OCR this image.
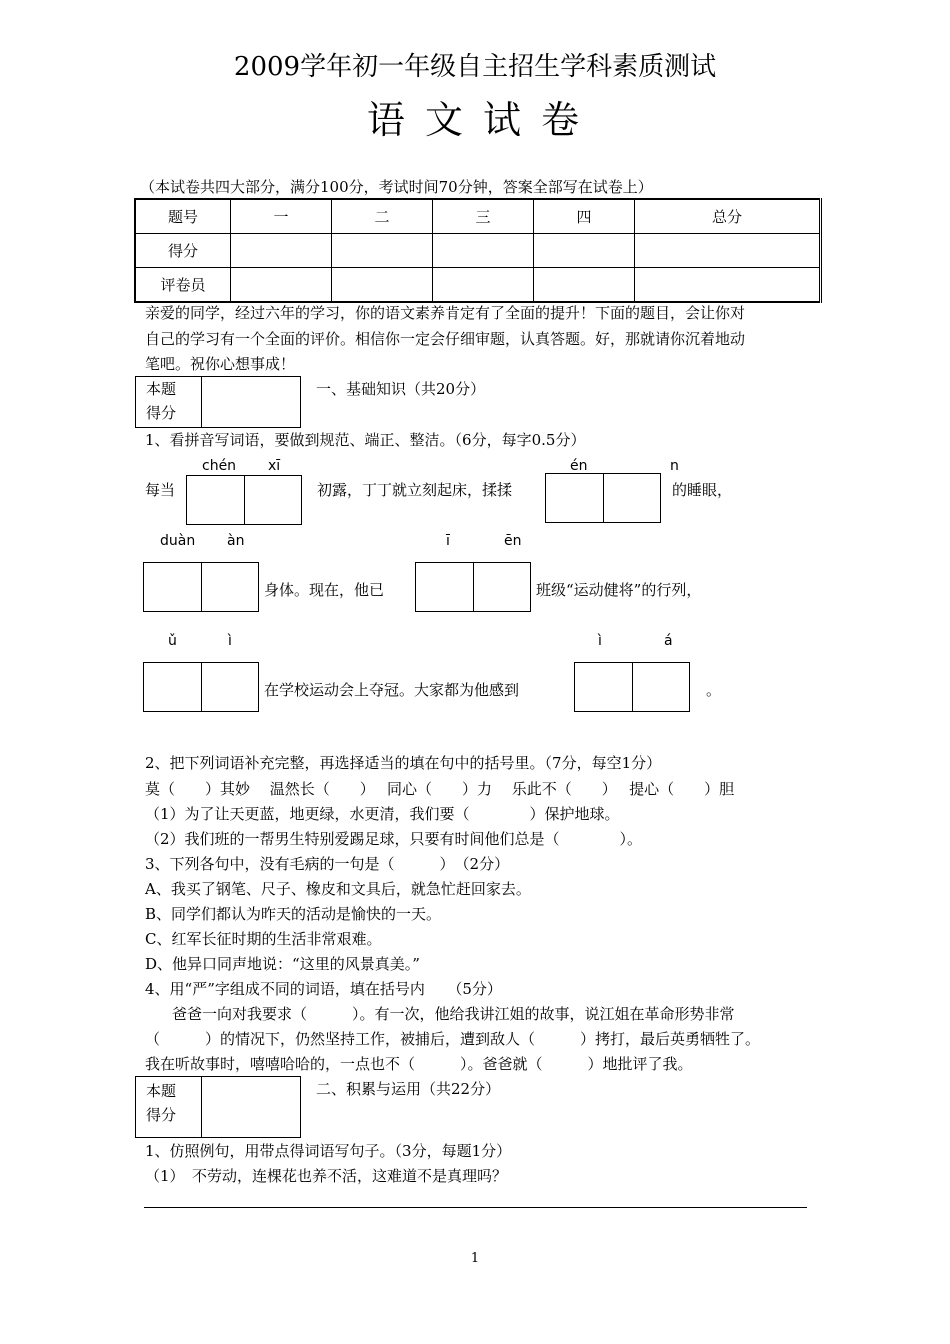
2009学年初一年级自主招生学科素质测试
语 文 试 卷
（本试卷共四大部分，满分100分，考试时间70分钟，答案全部写在试卷上）
题号	一	二	三	四	总分
得分					
评卷员					
亲爱的同学，经过六年的学习，你的语文素养肯定有了全面的提升！下面的题目，会让你对
自己的学习有一个全面的评价。相信你一定会仔细审题，认真答题。好，那就请你沉着地动
笔吧。祝你心想事成！
本题
得分
一、基础知识（共20分）
1、看拼音写词语，要做到规范、端正、整洁。（6分，每字0.5分）
chén xī	én	n
每当	初露，丁丁就立刻起床，揉揉	的睡眼，
duàn àn	ī	ēn
身体。现在，他已	班级“运动健将”的行列，
ǔ	ì	ì	á
在学校运动会上夺冠。大家都为他感到	。
2、把下列词语补充完整，再选择适当的填在句中的括号里。（7分，每空1分）
莫（　　）其妙　 温然长（　　）　 同心（　　）力　 乐此不（　　）　 提心（　　）胆
（1）为了让天更蓝，地更绿，水更清，我们要（　　　　）保护地球。
（2）我们班的一帮男生特别爱踢足球，只要有时间他们总是（　　　　）。
3、下列各句中，没有毛病的一句是（　　　）　（2分）
A、我买了钢笔、尺子、橡皮和文具后，就急忙赶回家去。
B、同学们都认为昨天的活动是愉快的一天。
C、红军长征时期的生活非常艰难。
D、他异口同声地说：“这里的风景真美。”
4、用“严”字组成不同的词语，填在括号内　　（5分）
爸爸一向对我要求（　　　）。有一次，他给我讲江姐的故事，说江姐在革命形势非常
（　　　）的情况下，仍然坚持工作，被捕后，遭到敌人（　　　）拷打，最后英勇牺牲了。
我在听故事时，嘻嘻哈哈的，一点也不（　　　）。爸爸就（　　　）地批评了我。
本题
得分
二、积累与运用（共22分）
1、仿照例句，用带点得词语写句子。（3分，每题1分）
（1）　不劳动，连棵花也养不活，这难道不是真理吗？
1
